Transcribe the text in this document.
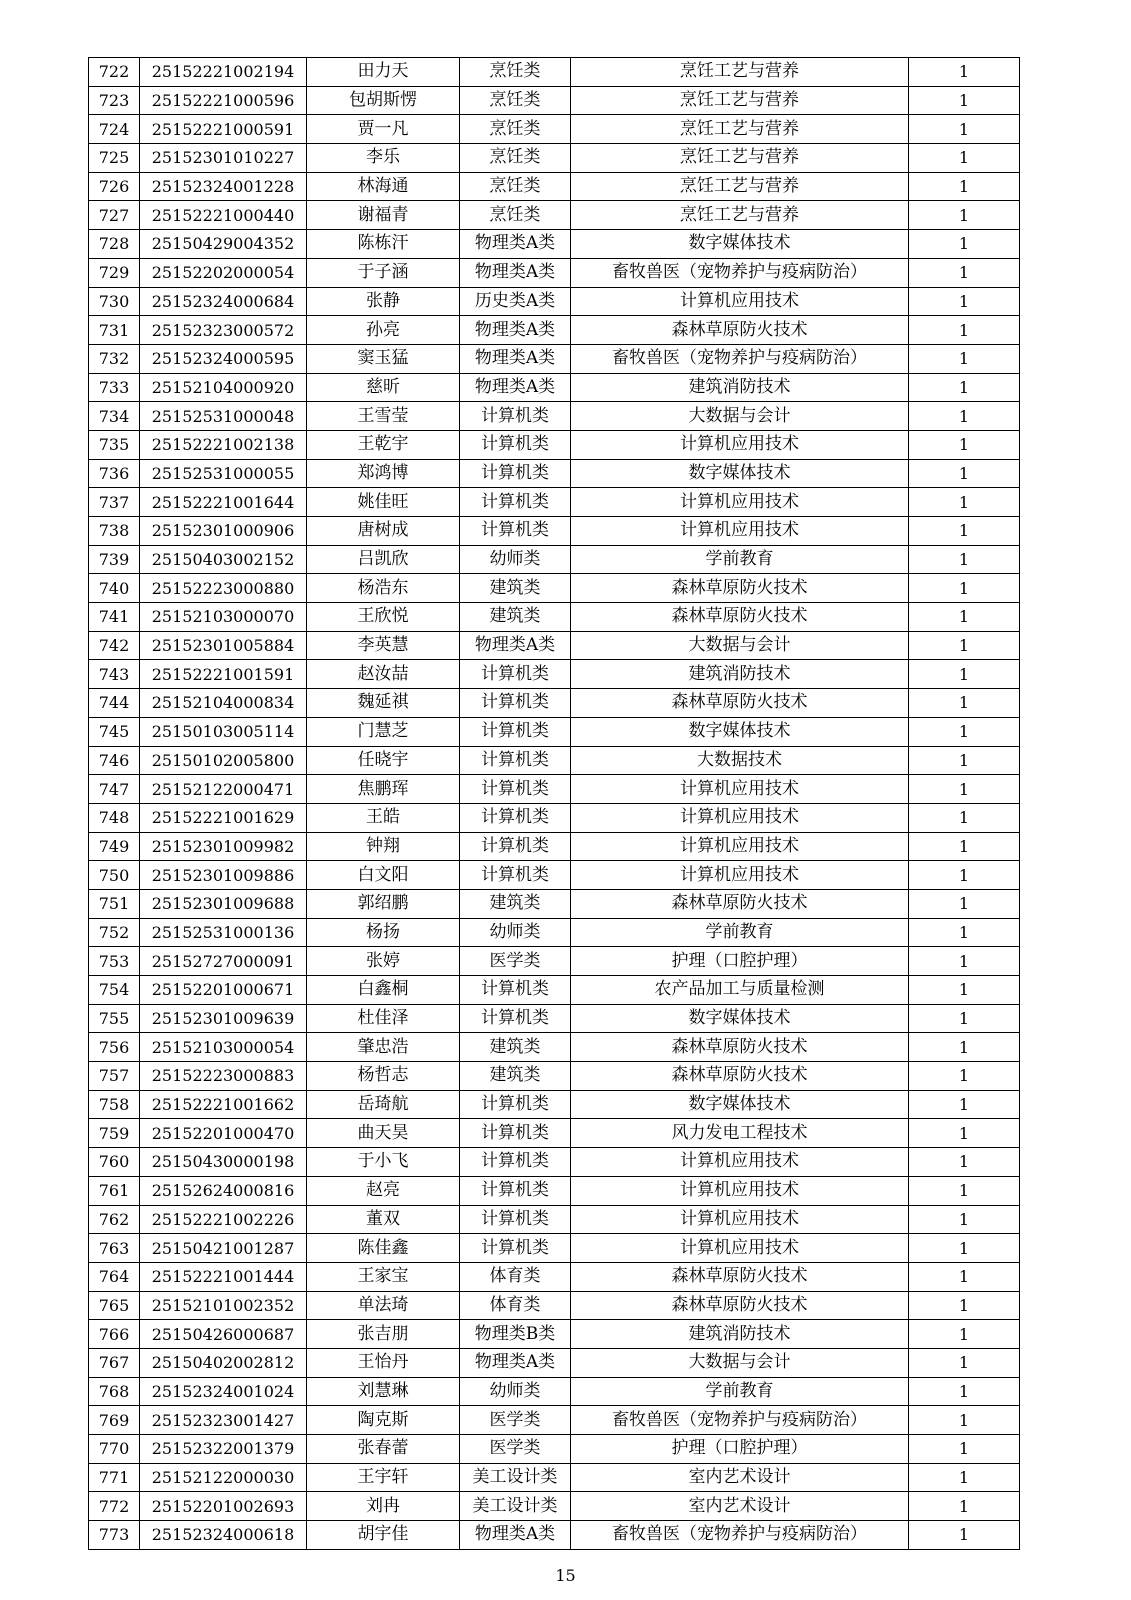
722	25152221002194	田力天	烹饪类	烹饪工艺与营养	1
723	25152221000596	包胡斯愣	烹饪类	烹饪工艺与营养	1
724	25152221000591	贾一凡	烹饪类	烹饪工艺与营养	1
725	25152301010227	李乐	烹饪类	烹饪工艺与营养	1
726	25152324001228	林海通	烹饪类	烹饪工艺与营养	1
727	25152221000440	谢福青	烹饪类	烹饪工艺与营养	1
728	25150429004352	陈栋汗	物理类A类	数字媒体技术	1
729	25152202000054	于子涵	物理类A类	畜牧兽医（宠物养护与疫病防治）	1
730	25152324000684	张静	历史类A类	计算机应用技术	1
731	25152323000572	孙亮	物理类A类	森林草原防火技术	1
732	25152324000595	窦玉猛	物理类A类	畜牧兽医（宠物养护与疫病防治）	1
733	25152104000920	慈昕	物理类A类	建筑消防技术	1
734	25152531000048	王雪莹	计算机类	大数据与会计	1
735	25152221002138	王乾宇	计算机类	计算机应用技术	1
736	25152531000055	郑鸿博	计算机类	数字媒体技术	1
737	25152221001644	姚佳旺	计算机类	计算机应用技术	1
738	25152301000906	唐树成	计算机类	计算机应用技术	1
739	25150403002152	吕凯欣	幼师类	学前教育	1
740	25152223000880	杨浩东	建筑类	森林草原防火技术	1
741	25152103000070	王欣悦	建筑类	森林草原防火技术	1
742	25152301005884	李英慧	物理类A类	大数据与会计	1
743	25152221001591	赵汝喆	计算机类	建筑消防技术	1
744	25152104000834	魏延祺	计算机类	森林草原防火技术	1
745	25150103005114	门慧芝	计算机类	数字媒体技术	1
746	25150102005800	任晓宇	计算机类	大数据技术	1
747	25152122000471	焦鹏珲	计算机类	计算机应用技术	1
748	25152221001629	王皓	计算机类	计算机应用技术	1
749	25152301009982	钟翔	计算机类	计算机应用技术	1
750	25152301009886	白文阳	计算机类	计算机应用技术	1
751	25152301009688	郭绍鹏	建筑类	森林草原防火技术	1
752	25152531000136	杨扬	幼师类	学前教育	1
753	25152727000091	张婷	医学类	护理（口腔护理）	1
754	25152201000671	白鑫桐	计算机类	农产品加工与质量检测	1
755	25152301009639	杜佳泽	计算机类	数字媒体技术	1
756	25152103000054	肇忠浩	建筑类	森林草原防火技术	1
757	25152223000883	杨哲志	建筑类	森林草原防火技术	1
758	25152221001662	岳琦航	计算机类	数字媒体技术	1
759	25152201000470	曲天昊	计算机类	风力发电工程技术	1
760	25150430000198	于小飞	计算机类	计算机应用技术	1
761	25152624000816	赵亮	计算机类	计算机应用技术	1
762	25152221002226	董双	计算机类	计算机应用技术	1
763	25150421001287	陈佳鑫	计算机类	计算机应用技术	1
764	25152221001444	王家宝	体育类	森林草原防火技术	1
765	25152101002352	单法琦	体育类	森林草原防火技术	1
766	25150426000687	张吉朋	物理类B类	建筑消防技术	1
767	25150402002812	王怡丹	物理类A类	大数据与会计	1
768	25152324001024	刘慧琳	幼师类	学前教育	1
769	25152323001427	陶克斯	医学类	畜牧兽医（宠物养护与疫病防治）	1
770	25152322001379	张春蕾	医学类	护理（口腔护理）	1
771	25152122000030	王宇轩	美工设计类	室内艺术设计	1
772	25152201002693	刘冉	美工设计类	室内艺术设计	1
773	25152324000618	胡宇佳	物理类A类	畜牧兽医（宠物养护与疫病防治）	1
15
